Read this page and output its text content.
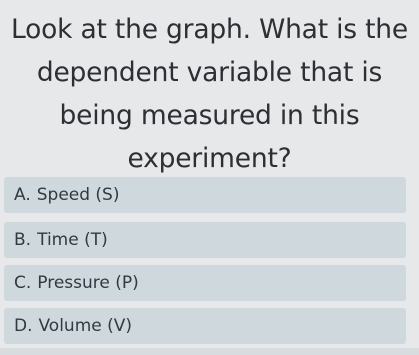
Look at the graph. What is the
dependent variable that is
being measured in this
experiment?
A. Speed (S)
B. Time (T)
C. Pressure (P)
D. Volume (V)
